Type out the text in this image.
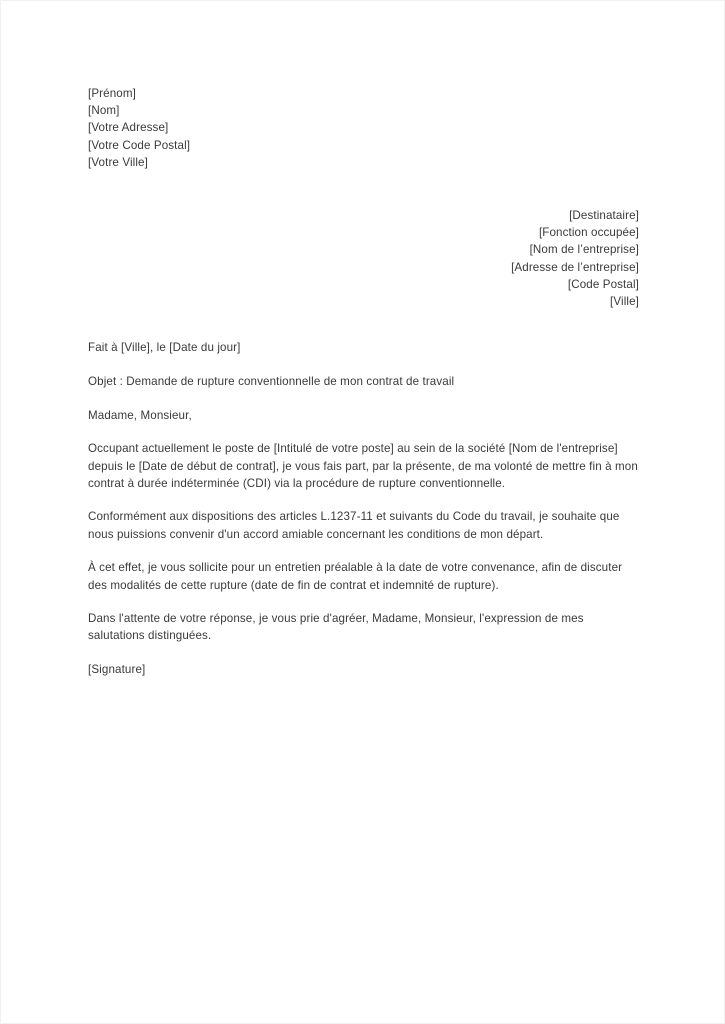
[Prénom]
[Nom]
[Votre Adresse]
[Votre Code Postal]
[Votre Ville]
[Destinataire]
[Fonction occupée]
[Nom de l’entreprise]
[Adresse de l’entreprise]
[Code Postal]
[Ville]
Fait à [Ville], le [Date du jour]
Objet : Demande de rupture conventionnelle de mon contrat de travail
Madame, Monsieur,
Occupant actuellement le poste de [Intitulé de votre poste] au sein de la société [Nom de l'entreprise] depuis le [Date de début de contrat], je vous fais part, par la présente, de ma volonté de mettre fin à mon contrat à durée indéterminée (CDI) via la procédure de rupture conventionnelle.
Conformément aux dispositions des articles L.1237-11 et suivants du Code du travail, je souhaite que nous puissions convenir d'un accord amiable concernant les conditions de mon départ.
À cet effet, je vous sollicite pour un entretien préalable à la date de votre convenance, afin de discuter des modalités de cette rupture (date de fin de contrat et indemnité de rupture).
Dans l'attente de votre réponse, je vous prie d'agréer, Madame, Monsieur, l'expression de mes salutations distinguées.
[Signature]
